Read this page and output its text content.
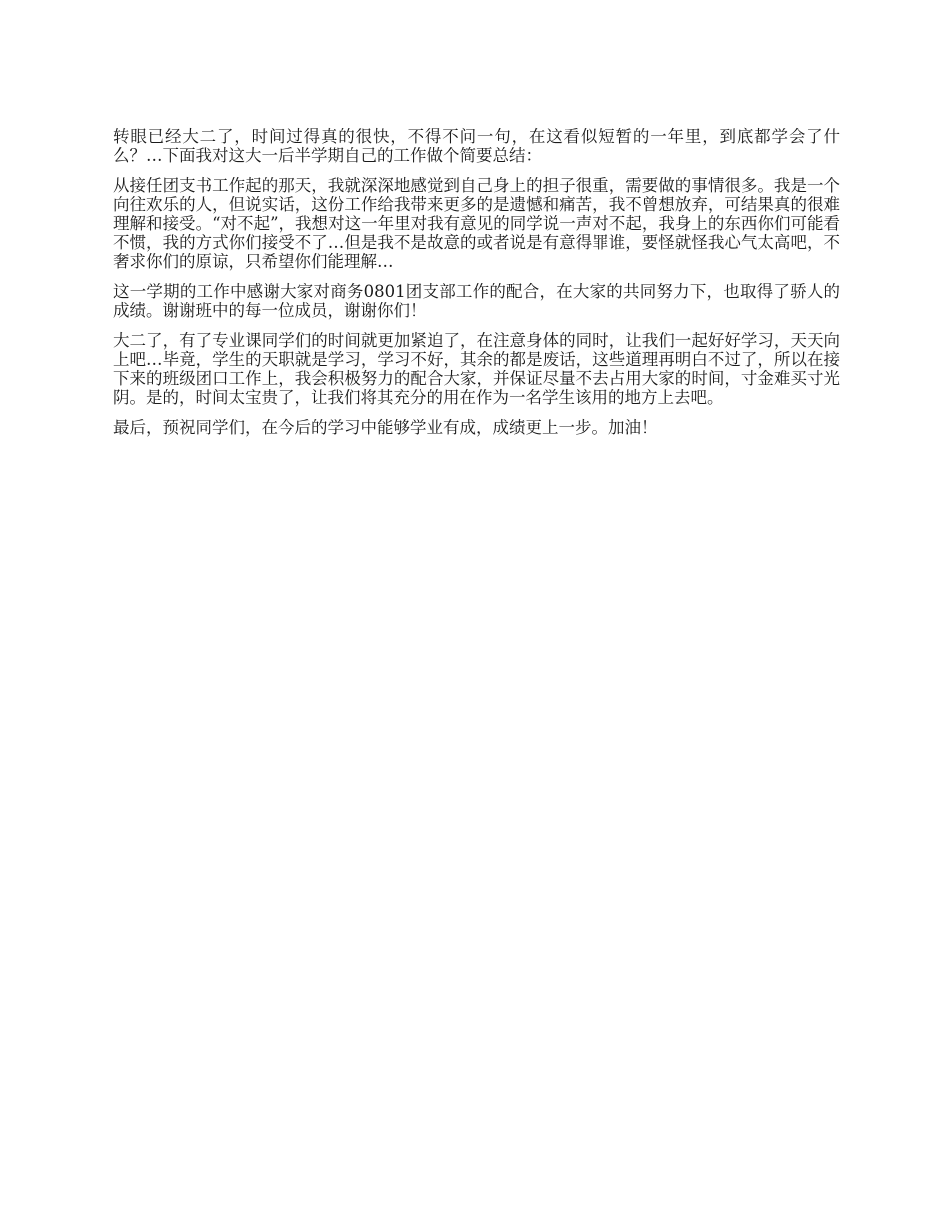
转眼已经大二了，时间过得真的很快，不得不问一句，在这看似短暂的一年里，到底都学会了什么？…下面我对这大一后半学期自己的工作做个简要总结：

从接任团支书工作起的那天，我就深深地感觉到自己身上的担子很重，需要做的事情很多。我是一个向往欢乐的人，但说实话，这份工作给我带来更多的是遗憾和痛苦，我不曾想放弃，可结果真的很难理解和接受。“对不起”，我想对这一年里对我有意见的同学说一声对不起，我身上的东西你们可能看不惯，我的方式你们接受不了…但是我不是故意的或者说是有意得罪谁，要怪就怪我心气太高吧，不奢求你们的原谅，只希望你们能理解…

这一学期的工作中感谢大家对商务0801团支部工作的配合，在大家的共同努力下，也取得了骄人的成绩。谢谢班中的每一位成员，谢谢你们！

大二了，有了专业课同学们的时间就更加紧迫了，在注意身体的同时，让我们一起好好学习，天天向上吧…毕竟，学生的天职就是学习，学习不好，其余的都是废话，这些道理再明白不过了，所以在接下来的班级团口工作上，我会积极努力的配合大家，并保证尽量不去占用大家的时间，寸金难买寸光阴。是的，时间太宝贵了，让我们将其充分的用在作为一名学生该用的地方上去吧。

最后，预祝同学们，在今后的学习中能够学业有成，成绩更上一步。加油！
